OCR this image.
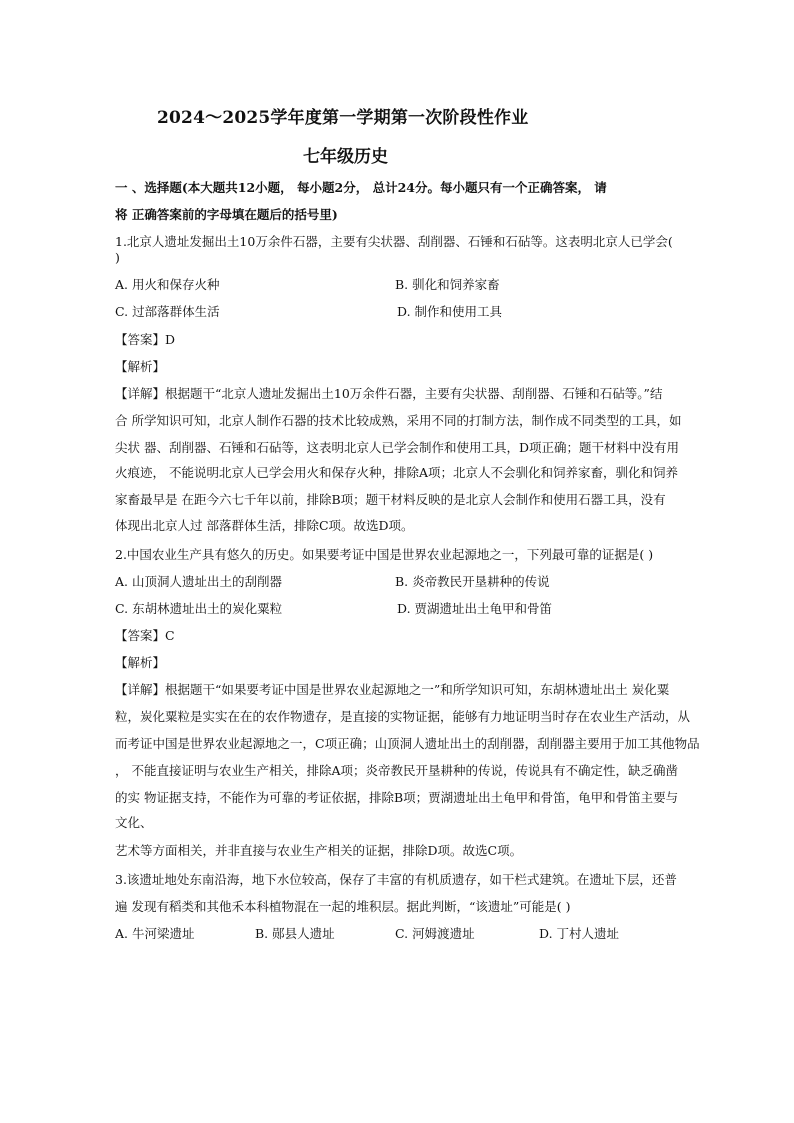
2024～2025学年度第一学期第一次阶段性作业
七年级历史
一 、选择题(本大题共12小题， 每小题2分， 总计24分。每小题只有一个正确答案， 请
将 正确答案前的字母填在题后的括号里)
1.北京人遗址发掘出土10万余件石器，主要有尖状器、刮削器、石锤和石砧等。这表明北京人已学会(
)
A. 用火和保存火种	B. 驯化和饲养家畜
C. 过部落群体生活	D. 制作和使用工具
【答案】D
【解析】
【详解】根据题干“北京人遗址发掘出土10万余件石器，主要有尖状器、刮削器、石锤和石砧等。”结
合 所学知识可知，北京人制作石器的技术比较成熟，采用不同的打制方法，制作成不同类型的工具，如
尖状 器、刮削器、石锤和石砧等，这表明北京人已学会制作和使用工具，D项正确；题干材料中没有用
火痕迹， 不能说明北京人已学会用火和保存火种，排除A项；北京人不会驯化和饲养家畜，驯化和饲养
家畜最早是 在距今六七千年以前，排除B项；题干材料反映的是北京人会制作和使用石器工具，没有
体现出北京人过 部落群体生活，排除C项。故选D项。
2.中国农业生产具有悠久的历史。如果要考证中国是世界农业起源地之一，下列最可靠的证据是( )
A. 山顶洞人遗址出土的刮削器	B. 炎帝教民开垦耕种的传说
C. 东胡林遗址出土的炭化粟粒	D. 贾湖遗址出土龟甲和骨笛
【答案】C
【解析】
【详解】根据题干“如果要考证中国是世界农业起源地之一”和所学知识可知，东胡林遗址出土 炭化粟
粒，炭化粟粒是实实在在的农作物遗存，是直接的实物证据，能够有力地证明当时存在农业生产活动，从
而考证中国是世界农业起源地之一，C项正确；山顶洞人遗址出土的刮削器，刮削器主要用于加工其他物品
， 不能直接证明与农业生产相关，排除A项；炎帝教民开垦耕种的传说，传说具有不确定性，缺乏确凿
的实 物证据支持，不能作为可靠的考证依据，排除B项；贾湖遗址出土龟甲和骨笛，龟甲和骨笛主要与
文化、
艺术等方面相关，并非直接与农业生产相关的证据，排除D项。故选C项。
3.该遗址地处东南沿海，地下水位较高，保存了丰富的有机质遗存，如干栏式建筑。在遗址下层，还普
遍 发现有稻类和其他禾本科植物混在一起的堆积层。据此判断，“该遗址”可能是( )
A. 牛河梁遗址	B. 郧县人遗址	C. 河姆渡遗址	D. 丁村人遗址
